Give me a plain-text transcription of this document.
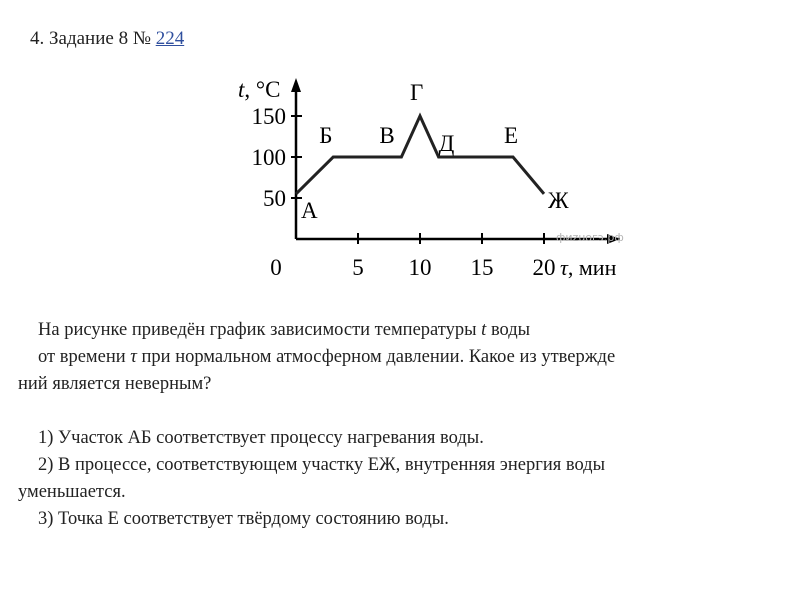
4. Задание 8 № 224
50
100
150
0	5 10 15 20
t, °C
τ, мин
фиzuoгэ.рф
А
Б В
Г
Д Е
Ж
На рисунке приведён график зависимости температуры t воды
от времени τ при нормальном атмосферном давлении. Какое из утвержде
ний является неверным?
1) Участок АБ соответствует процессу нагревания воды.
2) В процессе, соответствующем участку ЕЖ, внутренняя энергия воды
уменьшается.
3) Точка Е соответствует твёрдому состоянию воды.
